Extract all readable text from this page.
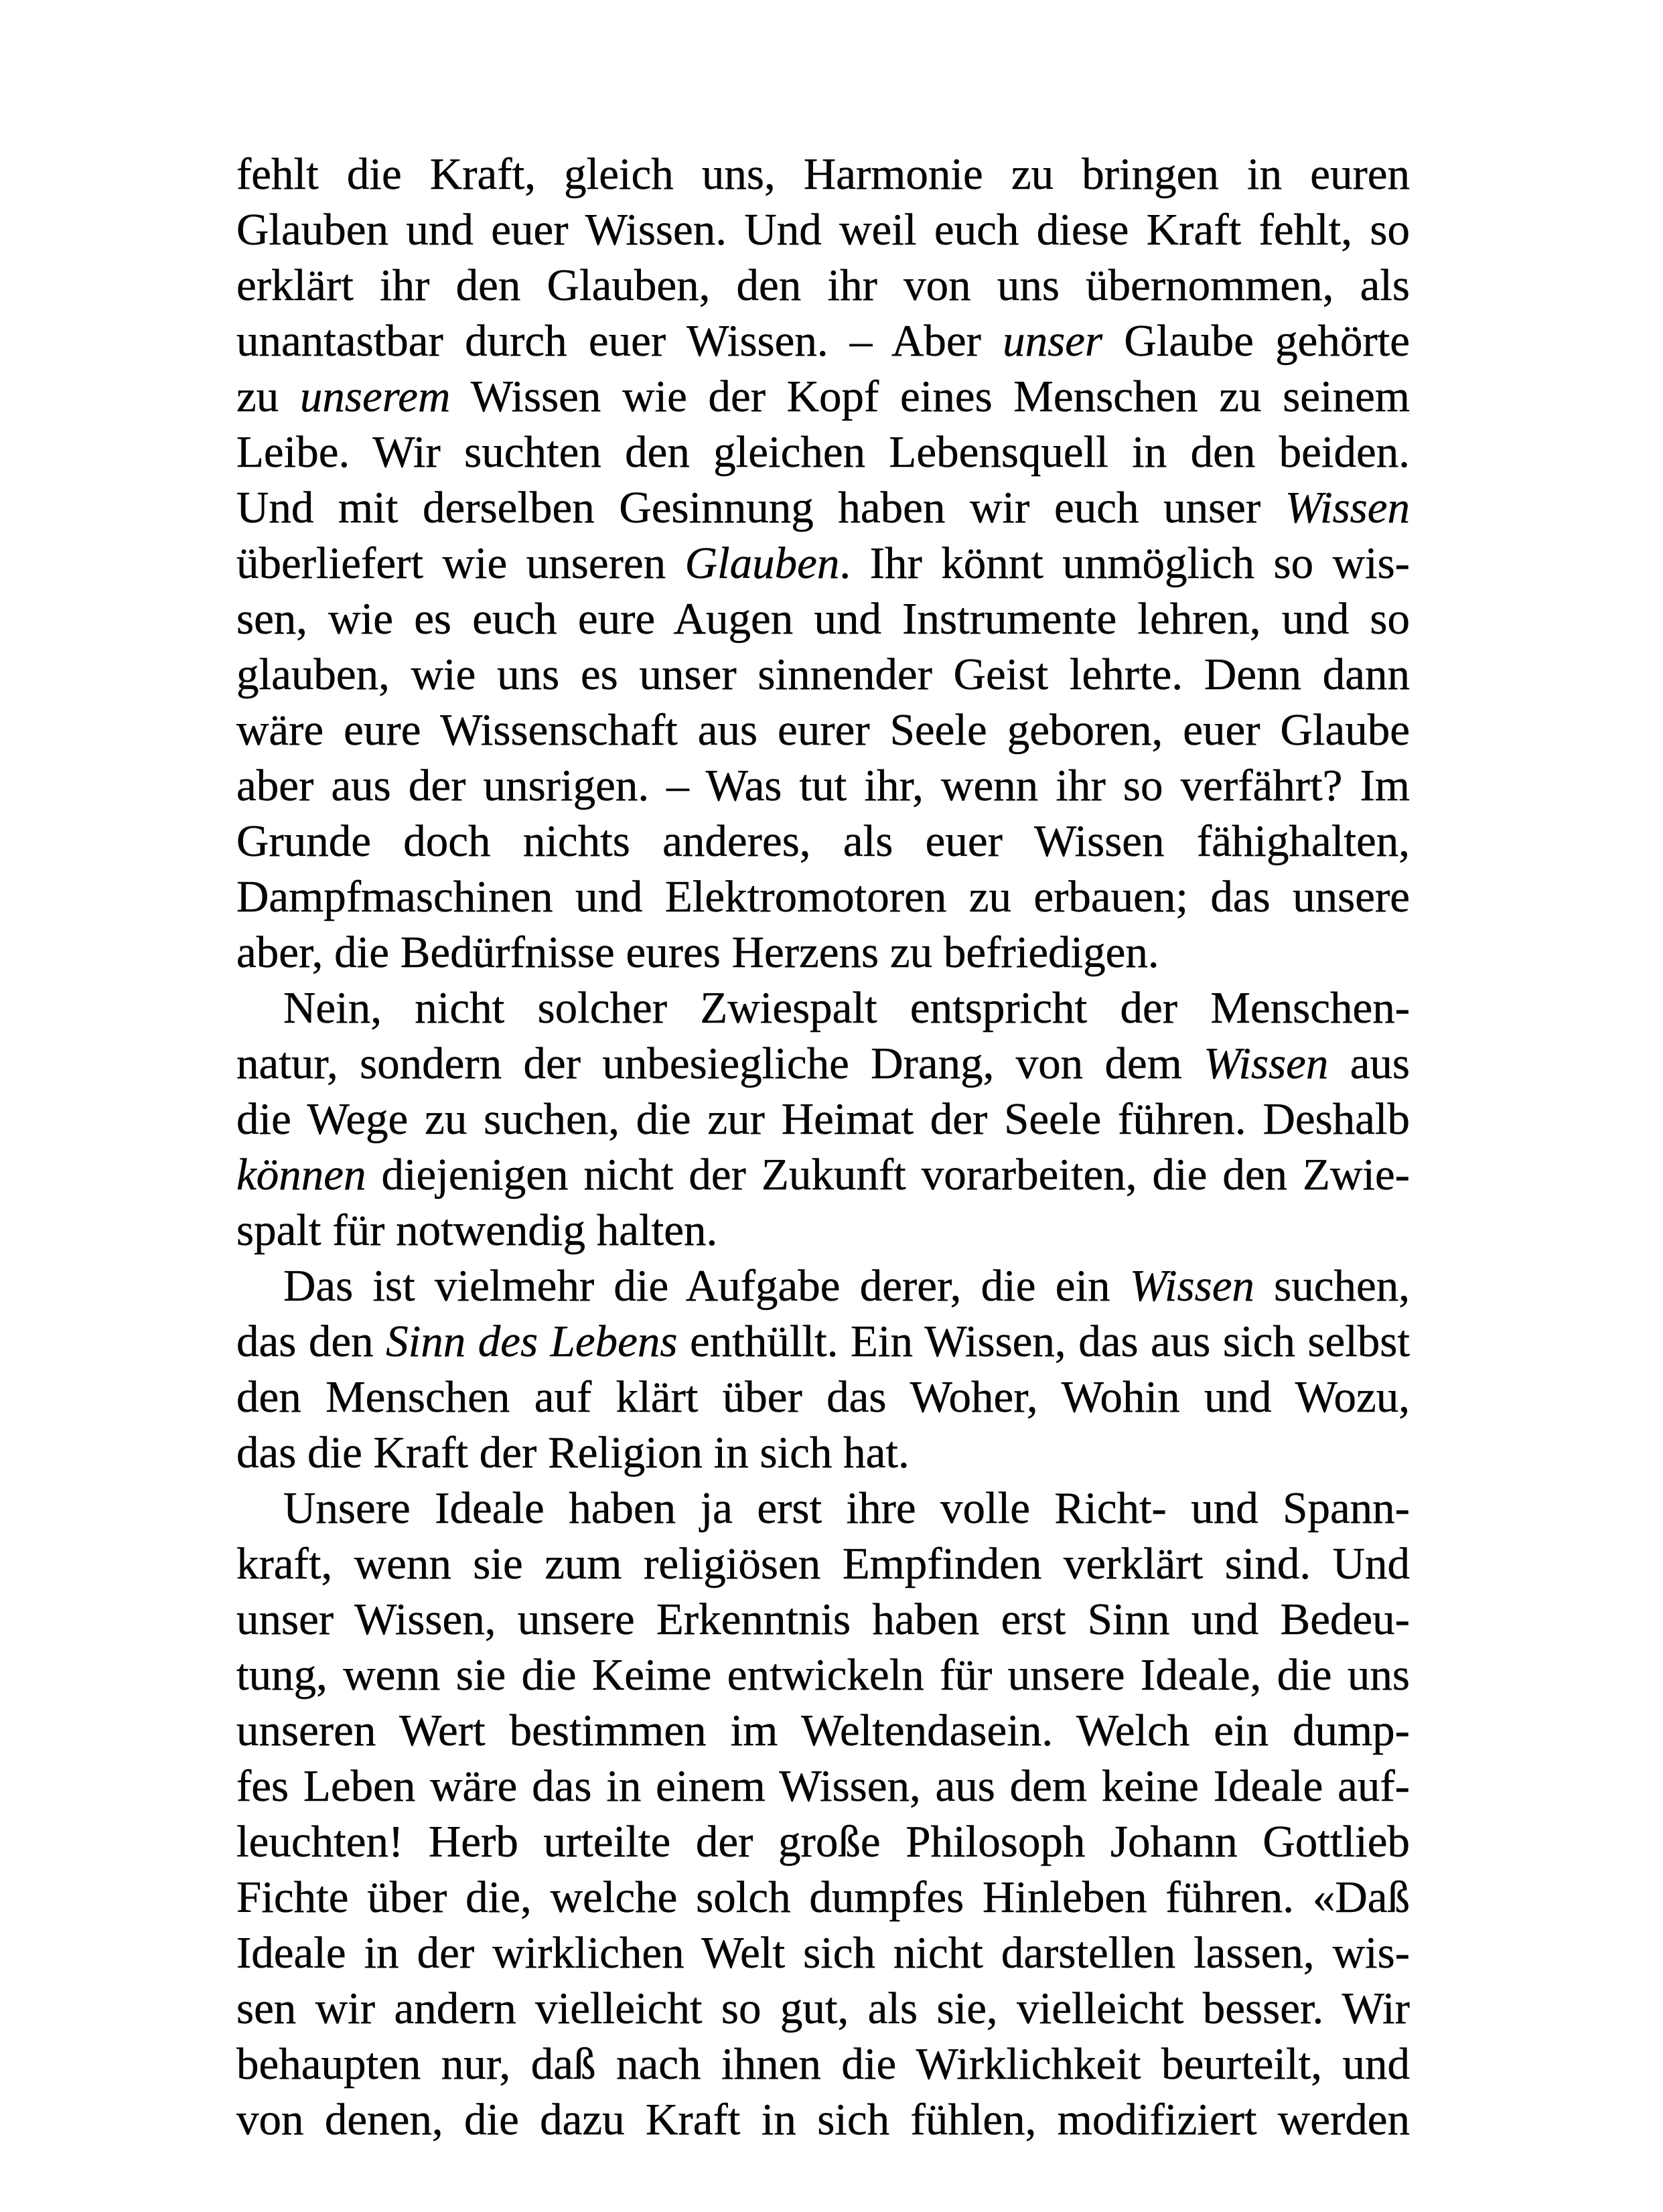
fehlt die Kraft, gleich uns, Harmonie zu bringen in euren
Glauben und euer Wissen. Und weil euch diese Kraft fehlt, so
erklärt ihr den Glauben, den ihr von uns übernommen, als
unantastbar durch euer Wissen. – Aber unser Glaube gehörte
zu unserem Wissen wie der Kopf eines Menschen zu seinem
Leibe. Wir suchten den gleichen Lebensquell in den beiden.
Und mit derselben Gesinnung haben wir euch unser Wissen
überliefert wie unseren Glauben. Ihr könnt unmöglich so wis-
sen, wie es euch eure Augen und Instrumente lehren, und so
glauben, wie uns es unser sinnender Geist lehrte. Denn dann
wäre eure Wissenschaft aus eurer Seele geboren, euer Glaube
aber aus der unsrigen. – Was tut ihr, wenn ihr so verfährt? Im
Grunde doch nichts anderes, als euer Wissen fähighalten,
Dampfmaschinen und Elektromotoren zu erbauen; das unsere
aber, die Bedürfnisse eures Herzens zu befriedigen.
Nein, nicht solcher Zwiespalt entspricht der Menschen-
natur, sondern der unbesiegliche Drang, von dem Wissen aus
die Wege zu suchen, die zur Heimat der Seele führen. Deshalb
können diejenigen nicht der Zukunft vorarbeiten, die den Zwie-
spalt für notwendig halten.
Das ist vielmehr die Aufgabe derer, die ein Wissen suchen,
das den Sinn des Lebens enthüllt. Ein Wissen, das aus sich selbst
den Menschen auf klärt über das Woher, Wohin und Wozu,
das die Kraft der Religion in sich hat.
Unsere Ideale haben ja erst ihre volle Richt- und Spann-
kraft, wenn sie zum religiösen Empfinden verklärt sind. Und
unser Wissen, unsere Erkenntnis haben erst Sinn und Bedeu-
tung, wenn sie die Keime entwickeln für unsere Ideale, die uns
unseren Wert bestimmen im Weltendasein. Welch ein dump-
fes Leben wäre das in einem Wissen, aus dem keine Ideale auf-
leuchten! Herb urteilte der große Philosoph Johann Gottlieb
Fichte über die, welche solch dumpfes Hinleben führen. «Daß
Ideale in der wirklichen Welt sich nicht darstellen lassen, wis-
sen wir andern vielleicht so gut, als sie, vielleicht besser. Wir
behaupten nur, daß nach ihnen die Wirklichkeit beurteilt, und
von denen, die dazu Kraft in sich fühlen, modifiziert werden
